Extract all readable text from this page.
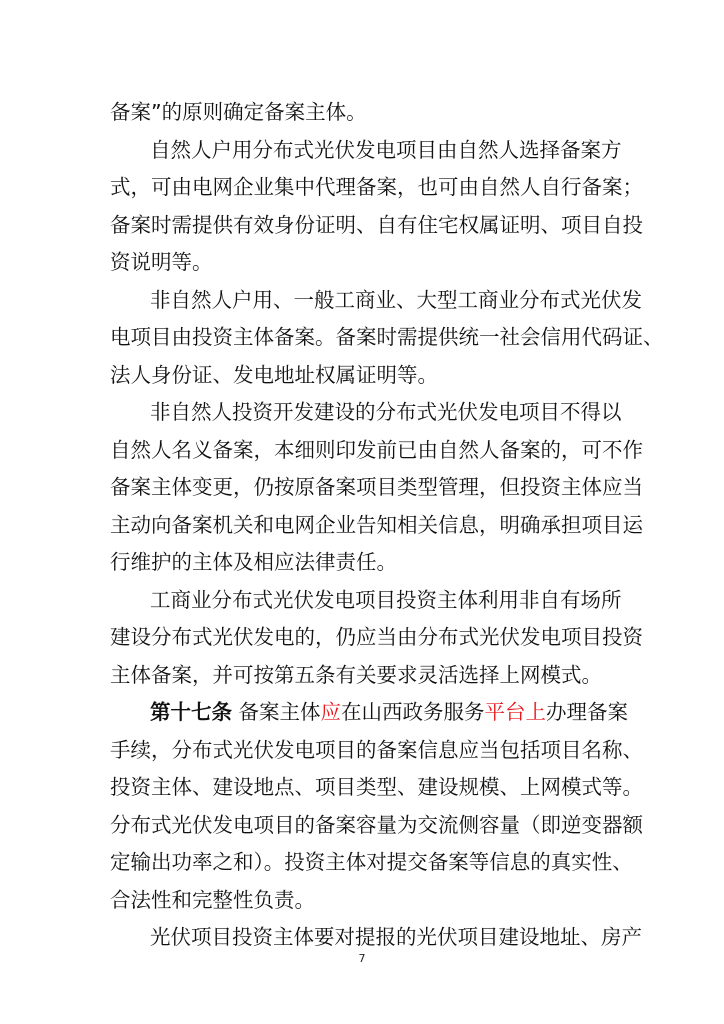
备案”的原则确定备案主体。
自然人户用分布式光伏发电项目由自然人选择备案方
式，可由电网企业集中代理备案，也可由自然人自行备案；
备案时需提供有效身份证明、自有住宅权属证明、项目自投
资说明等。
非自然人户用、一般工商业、大型工商业分布式光伏发
电项目由投资主体备案。备案时需提供统一社会信用代码证、
法人身份证、发电地址权属证明等。
非自然人投资开发建设的分布式光伏发电项目不得以
自然人名义备案，本细则印发前已由自然人备案的，可不作
备案主体变更，仍按原备案项目类型管理，但投资主体应当
主动向备案机关和电网企业告知相关信息，明确承担项目运
行维护的主体及相应法律责任。
工商业分布式光伏发电项目投资主体利用非自有场所
建设分布式光伏发电的，仍应当由分布式光伏发电项目投资
主体备案，并可按第五条有关要求灵活选择上网模式。
第十七条 备案主体应在山西政务服务平台上办理备案
手续，分布式光伏发电项目的备案信息应当包括项目名称、
投资主体、建设地点、项目类型、建设规模、上网模式等。
分布式光伏发电项目的备案容量为交流侧容量（即逆变器额
定输出功率之和）。投资主体对提交备案等信息的真实性、
合法性和完整性负责。
光伏项目投资主体要对提报的光伏项目建设地址、房产
7
